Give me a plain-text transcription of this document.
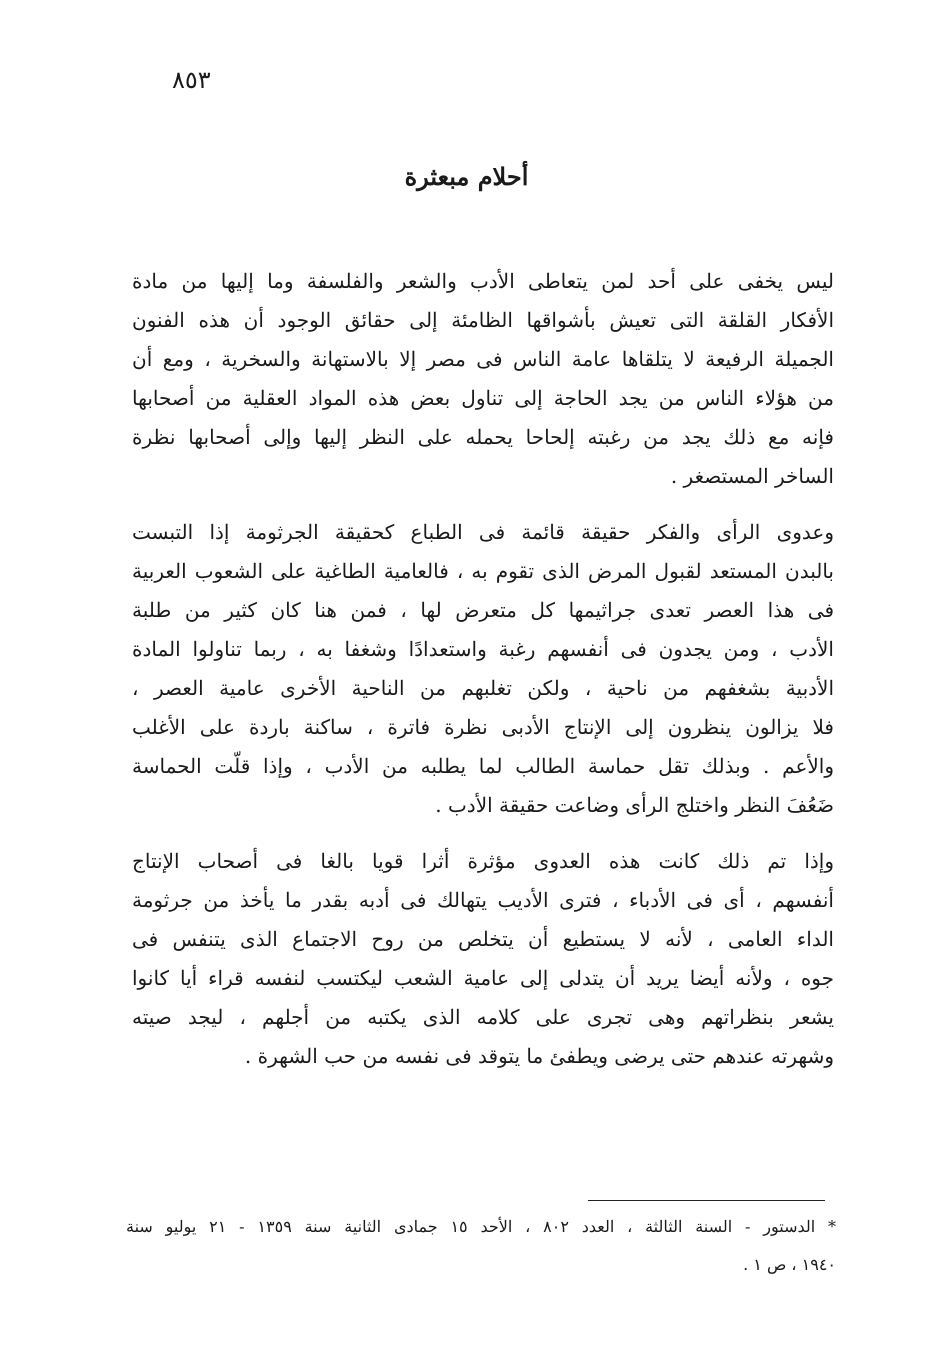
٨٥٣
أحلام مبعثرة
ليس يخفى على أحد لمن يتعاطى الأدب والشعر والفلسفة وما إليها من مادة
الأفكار القلقة التى تعيش بأشواقها الظامئة إلى حقائق الوجود أن هذه الفنون
الجميلة الرفيعة لا يتلقاها عامة الناس فى مصر إلا بالاستهانة والسخرية ، ومع أن
من هؤلاء الناس من يجد الحاجة إلى تناول بعض هذه المواد العقلية من أصحابها
فإنه مع ذلك يجد من رغبته إلحاحا يحمله على النظر إليها وإلى أصحابها نظرة
الساخر المستصغر .
وعدوى الرأى والفكر حقيقة قائمة فى الطباع كحقيقة الجرثومة إذا التبست
بالبدن المستعد لقبول المرض الذى تقوم به ، فالعامية الطاغية على الشعوب العربية
فى هذا العصر تعدى جراثيمها كل متعرض لها ، فمن هنا كان كثير من طلبة
الأدب ، ومن يجدون فى أنفسهم رغبة واستعدادًا وشغفا به ، ربما تناولوا المادة
الأدبية بشغفهم من ناحية ، ولكن تغلبهم من الناحية الأخرى عامية العصر ،
فلا يزالون ينظرون إلى الإنتاج الأدبى نظرة فاترة ، ساكنة باردة على الأغلب
والأعم . وبذلك تقل حماسة الطالب لما يطلبه من الأدب ، وإذا قلّت الحماسة
ضَعُفَ النظر واختلج الرأى وضاعت حقيقة الأدب .
وإذا تم ذلك كانت هذه العدوى مؤثرة أثرا قويا بالغا فى أصحاب الإنتاج
أنفسهم ، أى فى الأدباء ، فترى الأديب يتهالك فى أدبه بقدر ما يأخذ من جرثومة
الداء العامى ، لأنه لا يستطيع أن يتخلص من روح الاجتماع الذى يتنفس فى
جوه ، ولأنه أيضا يريد أن يتدلى إلى عامية الشعب ليكتسب لنفسه قراء أيا كانوا
يشعر بنظراتهم وهى تجرى على كلامه الذى يكتبه من أجلهم ، ليجد صيته
وشهرته عندهم حتى يرضى ويطفئ ما يتوقد فى نفسه من حب الشهرة .
* الدستور - السنة الثالثة ، العدد ٨٠٢ ، الأحد ١٥ جمادى الثانية سنة ١٣٥٩ - ٢١ يوليو سنة
١٩٤٠ ، ص ١ .
